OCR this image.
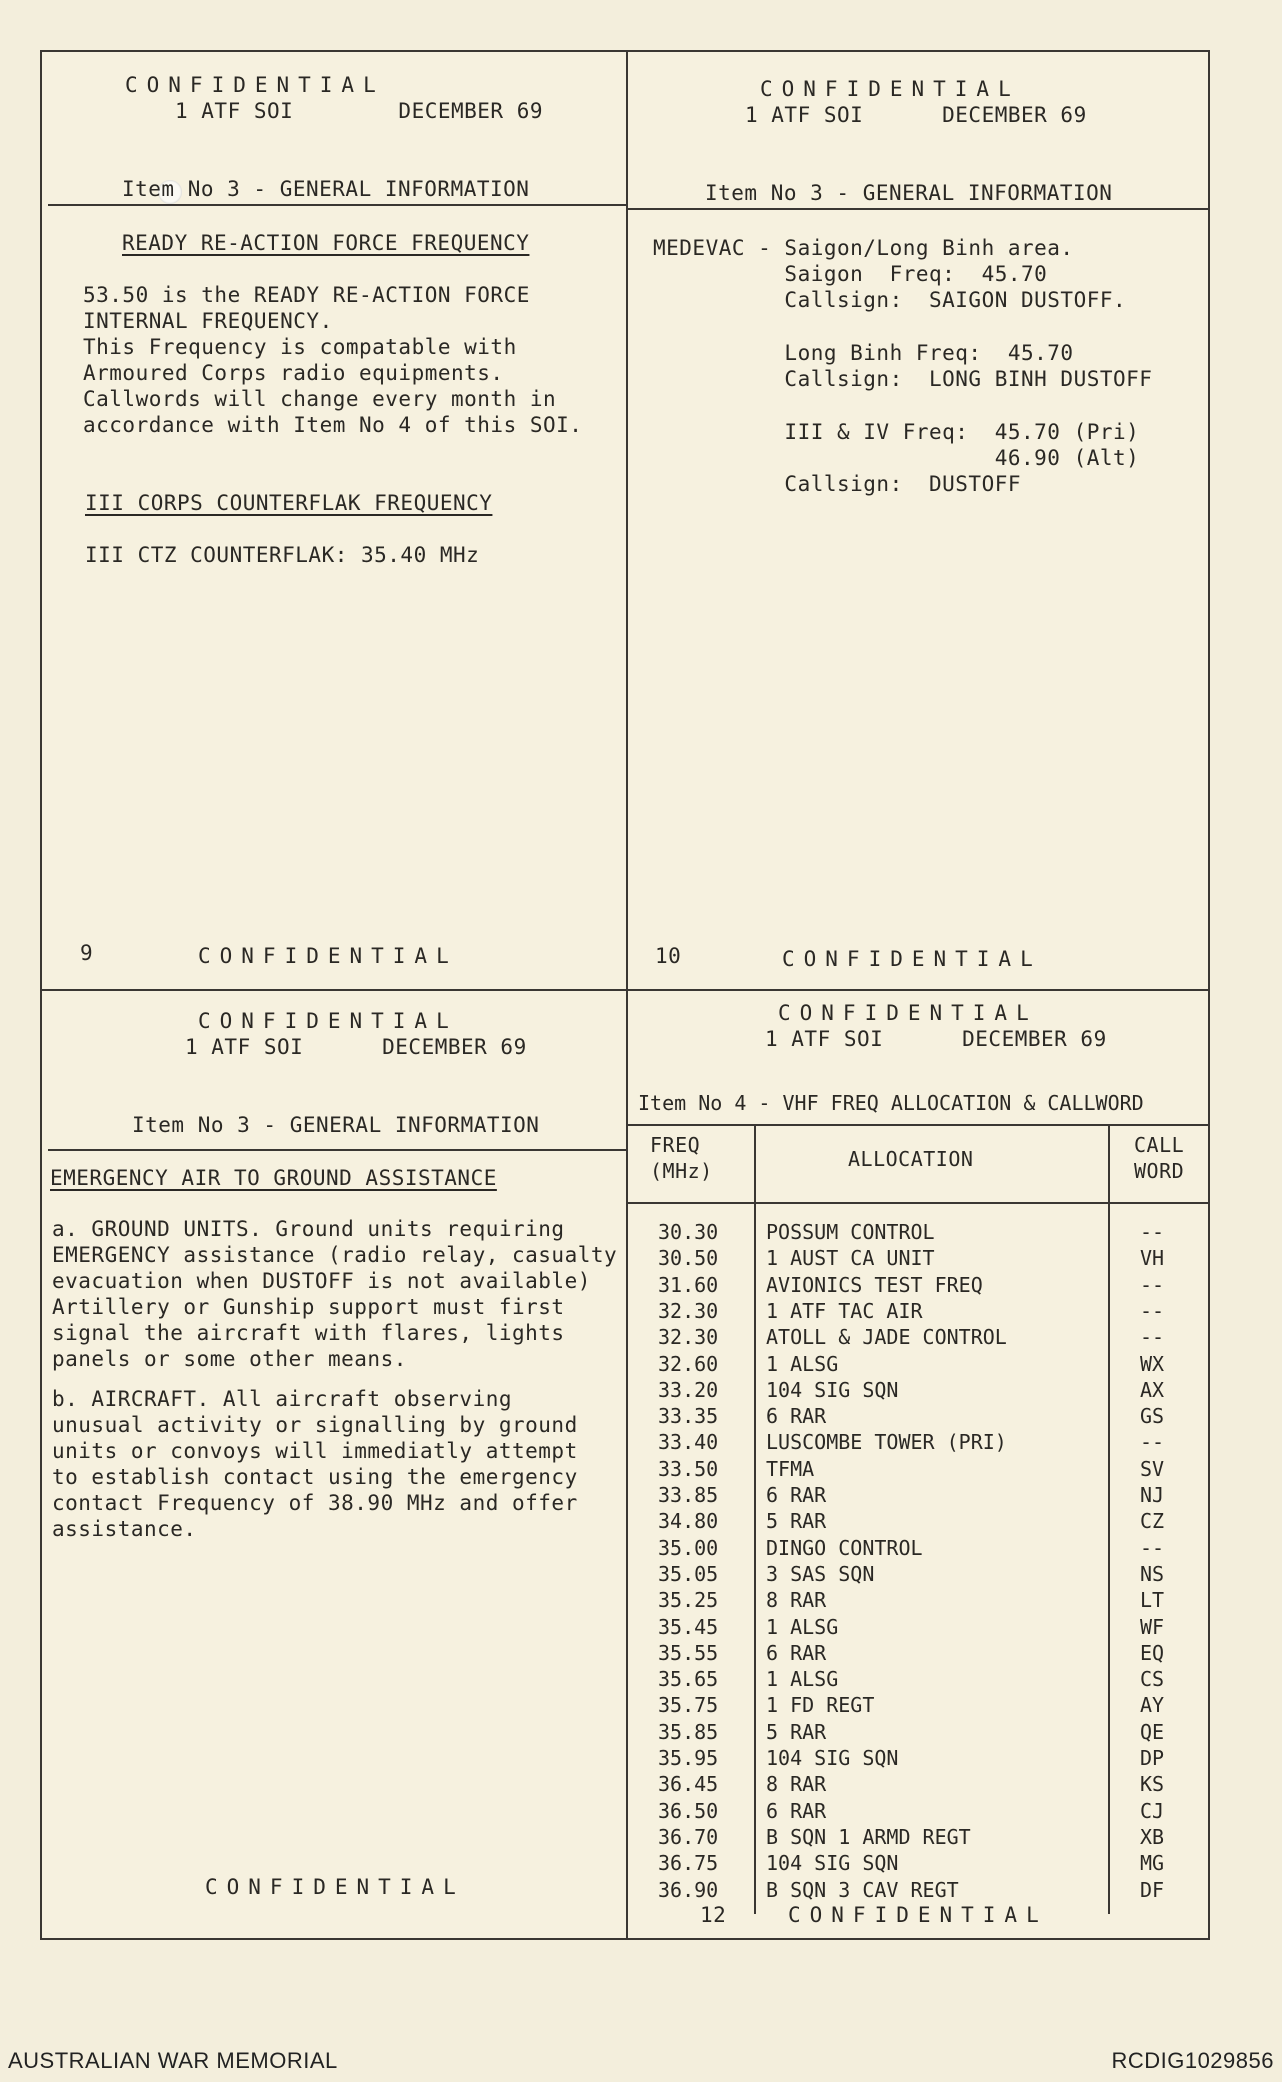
CONFIDENTIAL
1 ATF SOI        DECEMBER 69
Item No 3 - GENERAL INFORMATION
READY RE-ACTION FORCE FREQUENCY
53.50 is the READY RE-ACTION FORCE
INTERNAL FREQUENCY.
This Frequency is compatable with
Armoured Corps radio equipments.
Callwords will change every month in
accordance with Item No 4 of this SOI.
III CORPS COUNTERFLAK FREQUENCY
III CTZ COUNTERFLAK: 35.40 MHz
9	CONFIDENTIAL
CONFIDENTIAL
1 ATF SOI      DECEMBER 69
Item No 3 - GENERAL INFORMATION
MEDEVAC - Saigon/Long Binh area.
Saigon  Freq:  45.70
Callsign:  SAIGON DUSTOFF.
Long Binh Freq:  45.70
Callsign:  LONG BINH DUSTOFF
III & IV Freq:  45.70 (Pri)
46.90 (Alt)
Callsign:  DUSTOFF
10	CONFIDENTIAL
CONFIDENTIAL
1 ATF SOI      DECEMBER 69
Item No 3 - GENERAL INFORMATION
EMERGENCY AIR TO GROUND ASSISTANCE
a. GROUND UNITS. Ground units requiring
EMERGENCY assistance (radio relay, casualty
evacuation when DUSTOFF is not available)
Artillery or Gunship support must first
signal the aircraft with flares, lights
panels or some other means.
b. AIRCRAFT. All aircraft observing
unusual activity or signalling by ground
units or convoys will immediatly attempt
to establish contact using the emergency
contact Frequency of 38.90 MHz and offer
assistance.
CONFIDENTIAL
CONFIDENTIAL
1 ATF SOI      DECEMBER 69
Item No 4 - VHF FREQ ALLOCATION & CALLWORD
FREQ
(MHz)	ALLOCATION
CALL
WORD
30.30 POSSUM CONTROL	--
30.50 1 AUST CA UNIT	VH
31.60 AVIONICS TEST FREQ	--
32.30 1 ATF TAC AIR	--
32.30 ATOLL & JADE CONTROL	--
32.60 1 ALSG	WX
33.20 104 SIG SQN	AX
33.35 6 RAR	GS
33.40 LUSCOMBE TOWER (PRI)	--
33.50 TFMA	SV
33.85 6 RAR	NJ
34.80 5 RAR	CZ
35.00 DINGO CONTROL	--
35.05 3 SAS SQN	NS
35.25 8 RAR	LT
35.45 1 ALSG	WF
35.55 6 RAR	EQ
35.65 1 ALSG	CS
35.75 1 FD REGT	AY
35.85 5 RAR	QE
35.95 104 SIG SQN	DP
36.45 8 RAR	KS
36.50 6 RAR	CJ
36.70 B SQN 1 ARMD REGT	XB
36.75 104 SIG SQN	MG
36.90 B SQN 3 CAV REGT	DF
12	CONFIDENTIAL
AUSTRALIAN WAR MEMORIAL	RCDIG1029856
